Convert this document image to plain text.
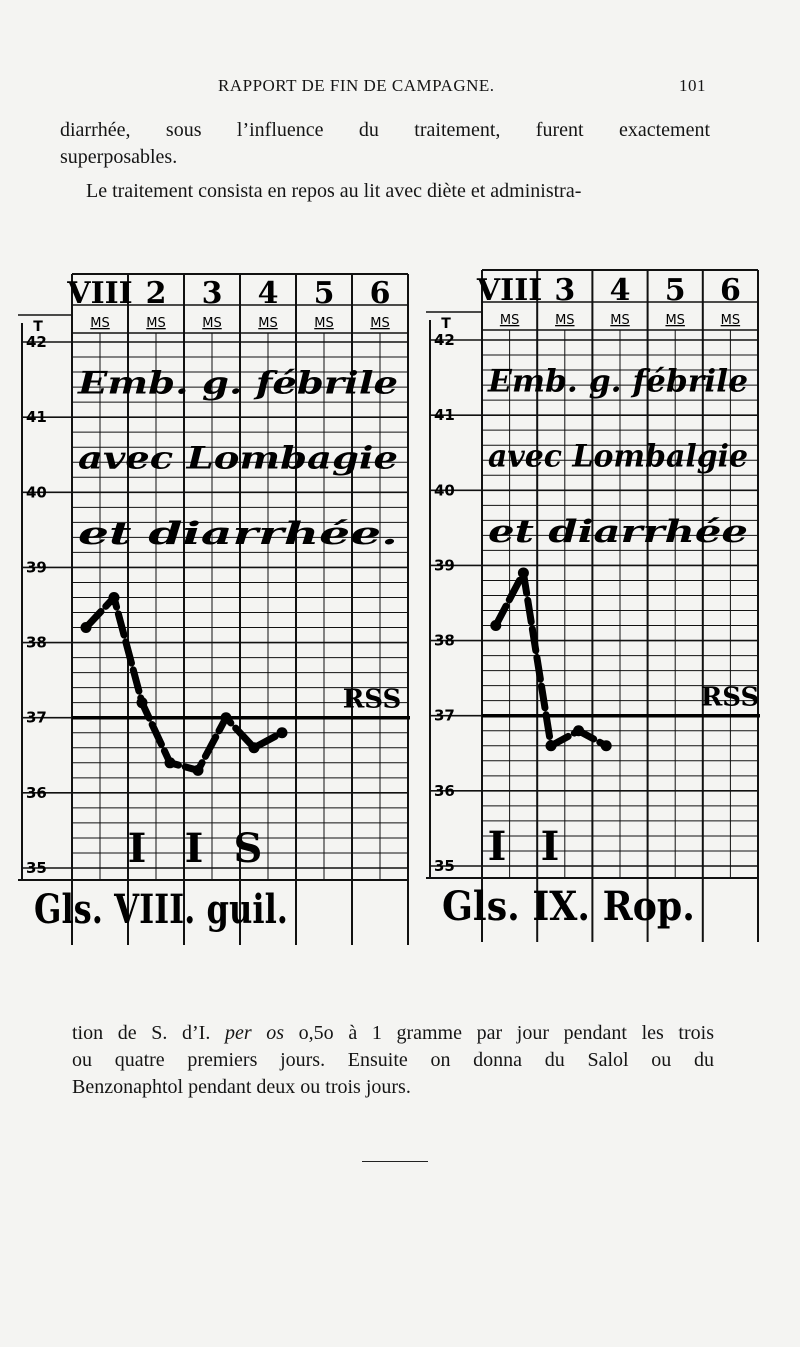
RAPPORT DE FIN DE CAMPAGNE.	101

diarrhée, sous l’influence du traitement, furent exactement
superposables.

Le traitement consista en repos au lit avec diète et administra-

T
42
41
40
39
38
37
36
35
VIII
MS
2
MS
3
MS
4
MS
5
MS
6
MS
Emb. g. fébrile
avec Lombagie
et diarrhée.
RSS
I I S
Gls. VIII. guil.
T
42
41
40
39
38
37
36
35
VIII
MS
3
MS
4
MS
5
MS
6
MS
Emb. g. fébrile
avec Lombalgie
et diarrhée
RSS
I I
Gls. IX. Rop.

tion de S. d’I. per os o,5o à 1 gramme par jour pendant les trois
ou quatre premiers jours. Ensuite on donna du Salol ou du
Benzonaphtol pendant deux ou trois jours.
